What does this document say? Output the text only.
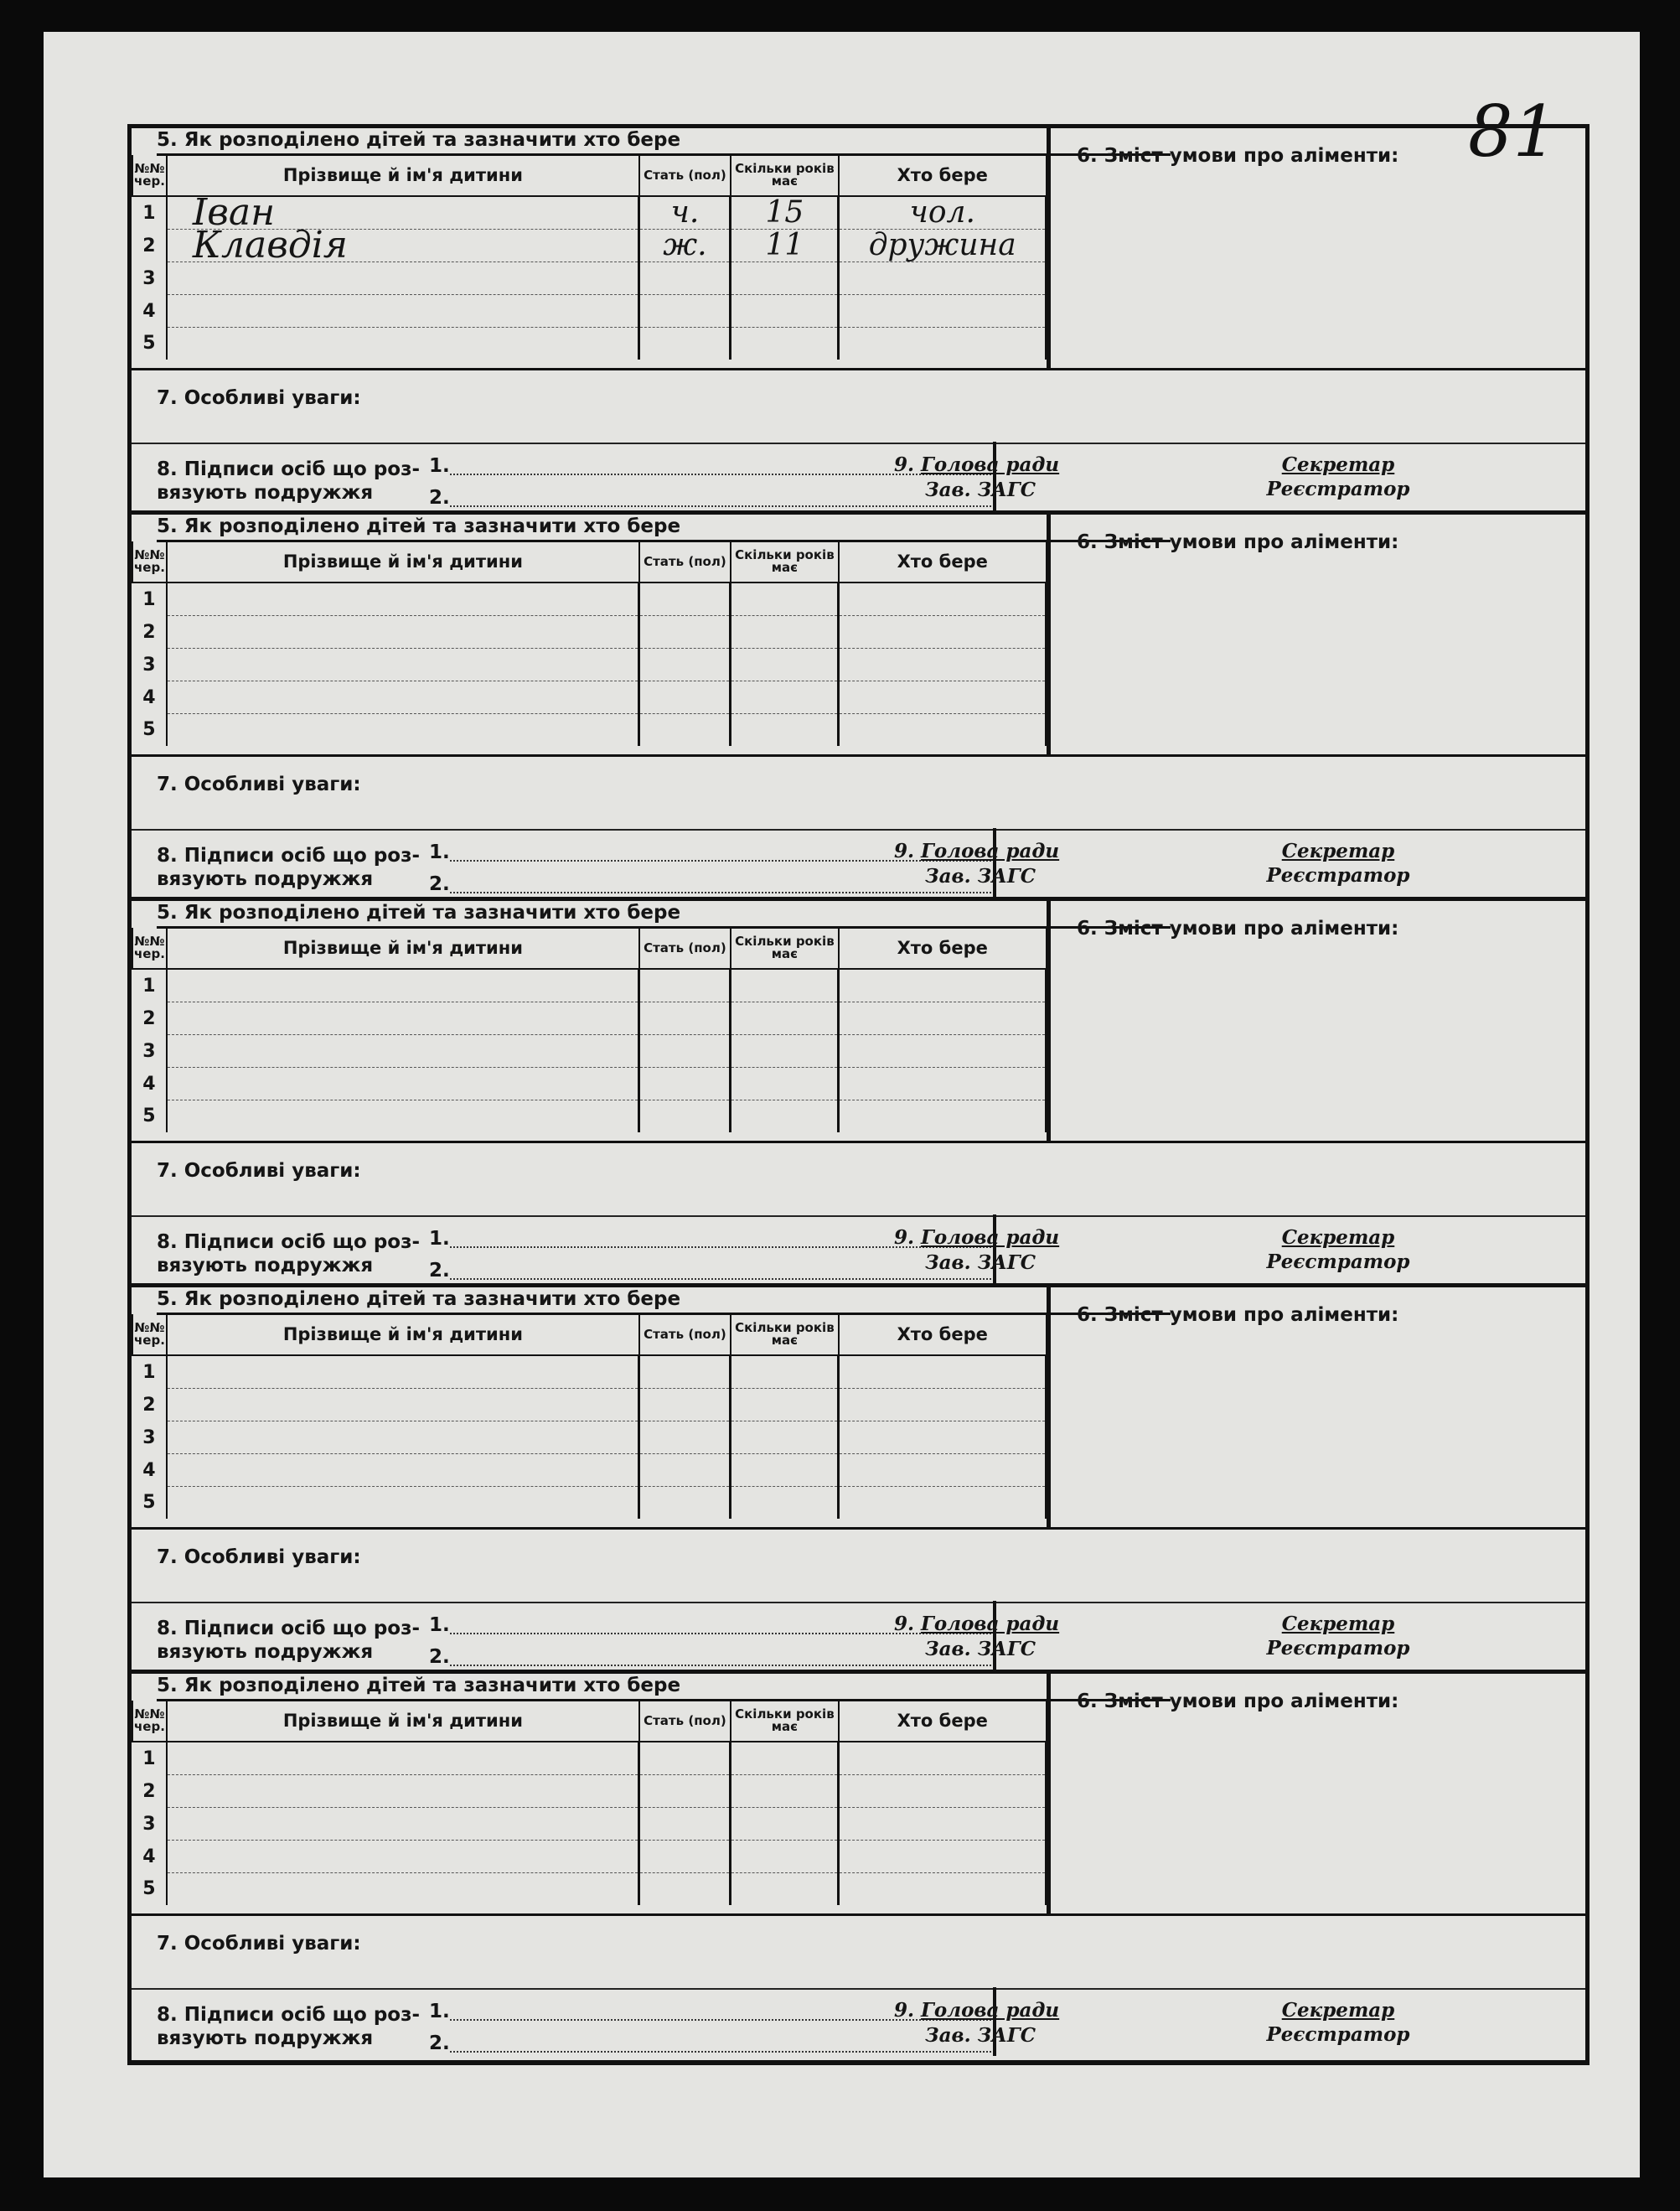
81
5. Як розподілено дітей та зазначити хто бере
№№ чер.	Прізвище й ім'я дитини	Стать (пол)	Скільки років має	Хто бере
1	Іван	ч.	15	чол.
2	Клавдія	ж.	11	дружина
3				
4				
5				
6. Зміст умови про аліменти:
7. Особливі уваги:
8. Підписи осіб що роз-
вязують подружжя
1.
2.
9. Голова ради
Зав. ЗАГС
Секретар
Реєстратор
5. Як розподілено дітей та зазначити хто бере
№№ чер.	Прізвище й ім'я дитини	Стать (пол)	Скільки років має	Хто бере
1				
2				
3				
4				
5				
6. Зміст умови про аліменти:
7. Особливі уваги:
8. Підписи осіб що роз-
вязують подружжя
1.
2.
9. Голова ради
Зав. ЗАГС
Секретар
Реєстратор
5. Як розподілено дітей та зазначити хто бере
№№ чер.	Прізвище й ім'я дитини	Стать (пол)	Скільки років має	Хто бере
1				
2				
3				
4				
5				
6. Зміст умови про аліменти:
7. Особливі уваги:
8. Підписи осіб що роз-
вязують подружжя
1.
2.
9. Голова ради
Зав. ЗАГС
Секретар
Реєстратор
5. Як розподілено дітей та зазначити хто бере
№№ чер.	Прізвище й ім'я дитини	Стать (пол)	Скільки років має	Хто бере
1				
2				
3				
4				
5				
6. Зміст умови про аліменти:
7. Особливі уваги:
8. Підписи осіб що роз-
вязують подружжя
1.
2.
9. Голова ради
Зав. ЗАГС
Секретар
Реєстратор
5. Як розподілено дітей та зазначити хто бере
№№ чер.	Прізвище й ім'я дитини	Стать (пол)	Скільки років має	Хто бере
1				
2				
3				
4				
5				
6. Зміст умови про аліменти:
7. Особливі уваги:
8. Підписи осіб що роз-
вязують подружжя
1.
2.
9. Голова ради
Зав. ЗАГС
Секретар
Реєстратор
